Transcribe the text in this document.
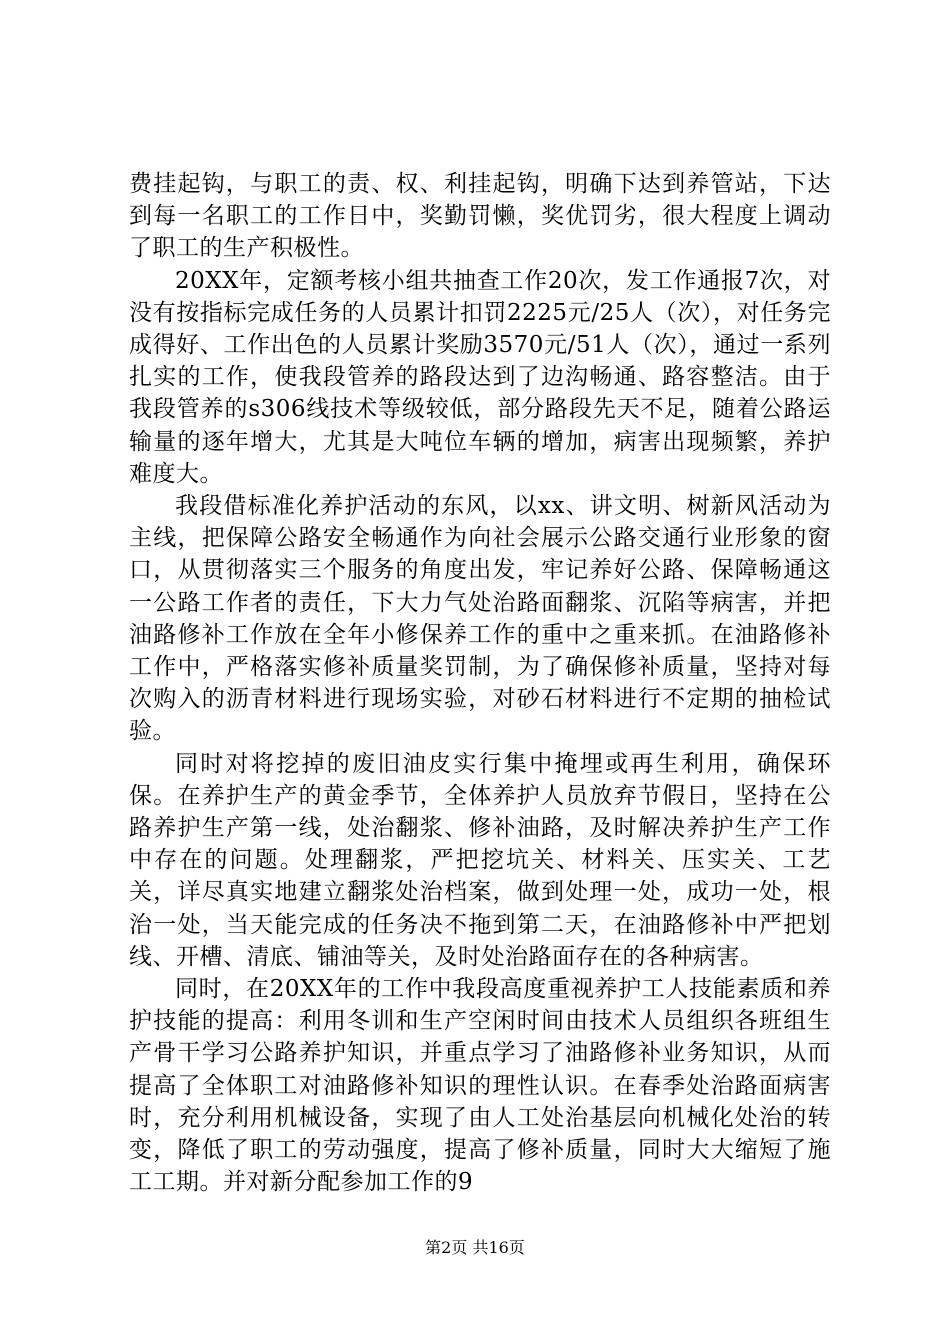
费挂起钩，与职工的责、权、利挂起钩，明确下达到养管站，下达到每一名职工的工作日中，奖勤罚懒，奖优罚劣，很大程度上调动了职工的生产积极性。

20XX年，定额考核小组共抽查工作20次，发工作通报7次，对没有按指标完成任务的人员累计扣罚2225元/25人（次），对任务完成得好、工作出色的人员累计奖励3570元/51人（次），通过一系列扎实的工作，使我段管养的路段达到了边沟畅通、路容整洁。由于我段管养的s306线技术等级较低，部分路段先天不足，随着公路运输量的逐年增大，尤其是大吨位车辆的增加，病害出现频繁，养护难度大。

我段借标准化养护活动的东风，以xx、讲文明、树新风活动为主线，把保障公路安全畅通作为向社会展示公路交通行业形象的窗口，从贯彻落实三个服务的角度出发，牢记养好公路、保障畅通这一公路工作者的责任，下大力气处治路面翻浆、沉陷等病害，并把油路修补工作放在全年小修保养工作的重中之重来抓。在油路修补工作中，严格落实修补质量奖罚制，为了确保修补质量，坚持对每次购入的沥青材料进行现场实验，对砂石材料进行不定期的抽检试验。

同时对将挖掉的废旧油皮实行集中掩埋或再生利用，确保环保。在养护生产的黄金季节，全体养护人员放弃节假日，坚持在公路养护生产第一线，处治翻浆、修补油路，及时解决养护生产工作中存在的问题。处理翻浆，严把挖坑关、材料关、压实关、工艺关，详尽真实地建立翻浆处治档案，做到处理一处，成功一处，根治一处，当天能完成的任务决不拖到第二天，在油路修补中严把划线、开槽、清底、铺油等关，及时处治路面存在的各种病害。

同时，在20XX年的工作中我段高度重视养护工人技能素质和养护技能的提高：利用冬训和生产空闲时间由技术人员组织各班组生产骨干学习公路养护知识，并重点学习了油路修补业务知识，从而提高了全体职工对油路修补知识的理性认识。在春季处治路面病害时，充分利用机械设备，实现了由人工处治基层向机械化处治的转变，降低了职工的劳动强度，提高了修补质量，同时大大缩短了施工工期。并对新分配参加工作的9

第2页 共16页
